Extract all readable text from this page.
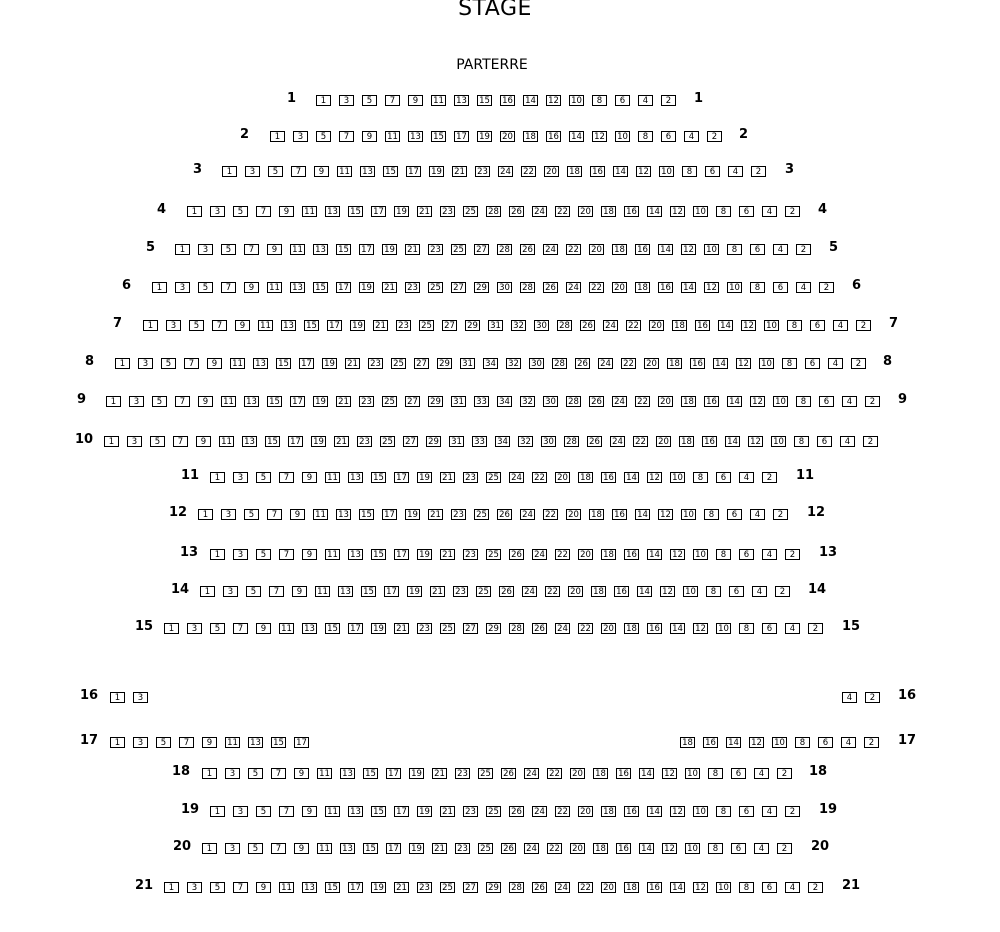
STAGE
PARTERRE
1	1	3	5	7	9	11 13 15 16 14 12 10	8	6	4	2	1
2	1	3	5	7	9	11 13 15 17 19 20 18 16 14 12 10	8	6	4	2	2
3	1	3	5	7	9	11 13 15 17 19 21 23 24 22 20 18 16 14 12 10	8	6	4	2	3
4	1	3	5	7	9	11 13 15 17 19 21 23 25 28 26 24 22 20 18 16 14 12 10	8	6	4	2	4
5	1	3	5	7	9	11 13 15 17 19 21 23 25 27 28 26 24 22 20 18 16 14 12 10	8	6	4	2	5
6	1	3	5	7	9	11 13 15 17 19 21 23 25 27 29 30 28 26 24 22 20 18 16 14 12 10	8	6	4	2	6
7	1	3	5	7	9	11 13 15 17 19 21 23 25 27 29 31 32 30 28 26 24 22 20 18 16 14 12 10	8	6	4	2	7
8	1	3	5	7	9	11 13 15 17 19 21 23 25 27 29 31 34 32 30 28 26 24 22 20 18 16 14 12 10	8	6	4	2	8
9	1	3	5	7	9	11 13 15 17 19 21 23 25 27 29 31 33 34 32 30 28 26 24 22 20 18 16 14 12 10	8	6	4	2	9
10	1	3	5	7	9	11 13 15 17 19 21 23 25 27 29 31 33 34 32 30 28 26 24 22 20 18 16 14 12 10	8	6	4	2
11	1	3	5	7	9	11 13 15 17 19 21 23 25 24 22 20 18 16 14 12 10	8	6	4	2	11
12	1	3	5	7	9	11 13 15 17 19 21 23 25 26 24 22 20 18 16 14 12 10	8	6	4	2	12
13	1	3	5	7	9	11 13 15 17 19 21 23 25 26 24 22 20 18 16 14 12 10	8	6	4	2	13
14	1	3	5	7	9	11 13 15 17 19 21 23 25 26 24 22 20 18 16 14 12 10	8	6	4	2	14
15	1	3	5	7	9	11 13 15 17 19 21 23 25 27 29 28 26 24 22 20 18 16 14 12 10	8	6	4	2	15
16	1	3	4	2	16
17	1	3	5	7	9	11 13 15 17	18 16 14 12 10	8	6	4	2	17
18	1	3	5	7	9	11 13 15 17 19 21 23 25 26 24 22 20 18 16 14 12 10	8	6	4	2	18
19	1	3	5	7	9	11 13 15 17 19 21 23 25 26 24 22 20 18 16 14 12 10	8	6	4	2	19
20	1	3	5	7	9	11 13 15 17 19 21 23 25 26 24 22 20 18 16 14 12 10	8	6	4	2	20
21	1	3	5	7	9	11 13 15 17 19 21 23 25 27 29 28 26 24 22 20 18 16 14 12 10	8	6	4	2	21
